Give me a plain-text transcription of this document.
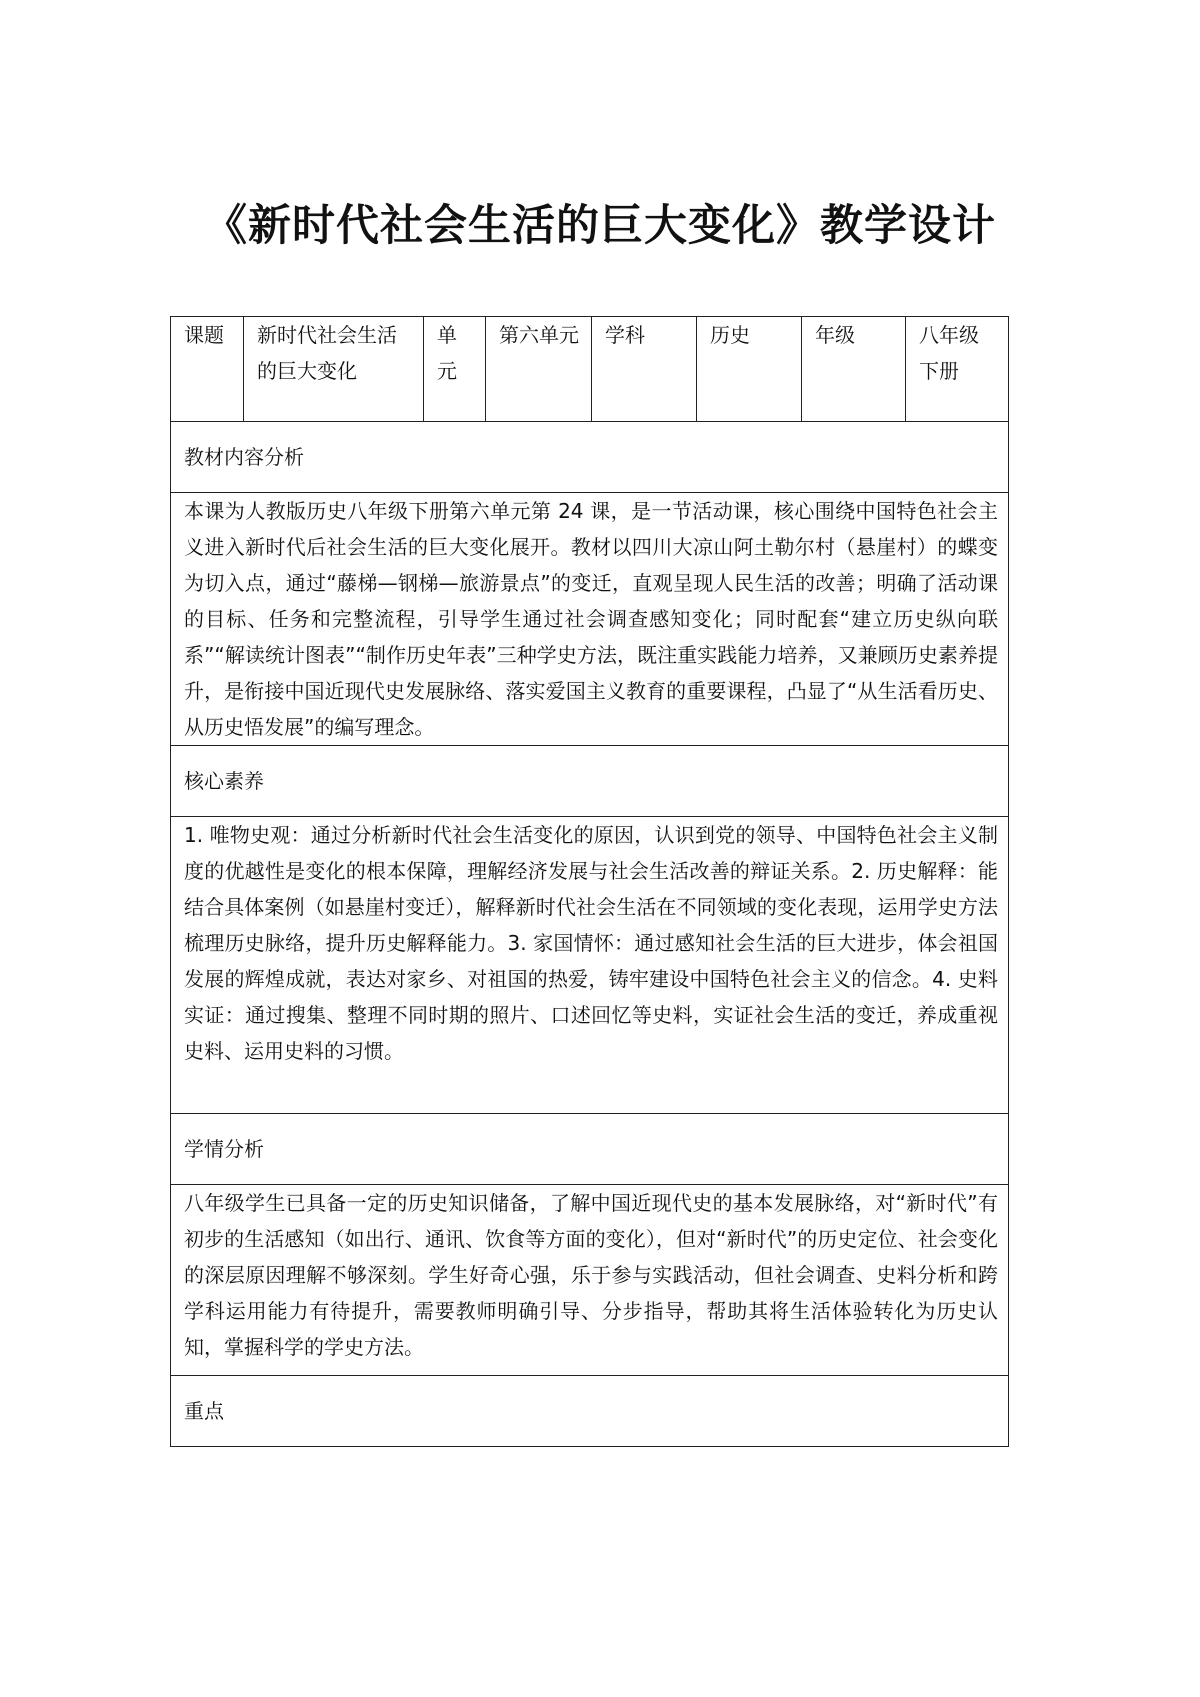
《新时代社会生活的巨大变化》教学设计
课题	新时代社会生活的巨大变化	单元	第六单元	学科	历史	年级	八年级下册
教材内容分析
本课为人教版历史八年级下册第六单元第 24 课，是一节活动课，核心围绕中国特色社会主义进入新时代后社会生活的巨大变化展开。教材以四川大凉山阿土勒尔村（悬崖村）的蝶变为切入点，通过“藤梯—钢梯—旅游景点”的变迁，直观呈现人民生活的改善；明确了活动课的目标、任务和完整流程，引导学生通过社会调查感知变化；同时配套“建立历史纵向联系”“解读统计图表”“制作历史年表”三种学史方法，既注重实践能力培养，又兼顾历史素养提升，是衔接中国近现代史发展脉络、落实爱国主义教育的重要课程，凸显了“从生活看历史、从历史悟发展”的编写理念。
核心素养
1. 唯物史观：通过分析新时代社会生活变化的原因，认识到党的领导、中国特色社会主义制度的优越性是变化的根本保障，理解经济发展与社会生活改善的辩证关系。2. 历史解释：能结合具体案例（如悬崖村变迁），解释新时代社会生活在不同领域的变化表现，运用学史方法梳理历史脉络，提升历史解释能力。3. 家国情怀：通过感知社会生活的巨大进步，体会祖国发展的辉煌成就，表达对家乡、对祖国的热爱，铸牢建设中国特色社会主义的信念。4. 史料实证：通过搜集、整理不同时期的照片、口述回忆等史料，实证社会生活的变迁，养成重视史料、运用史料的习惯。
学情分析
八年级学生已具备一定的历史知识储备，了解中国近现代史的基本发展脉络，对“新时代”有初步的生活感知（如出行、通讯、饮食等方面的变化），但对“新时代”的历史定位、社会变化的深层原因理解不够深刻。学生好奇心强，乐于参与实践活动，但社会调查、史料分析和跨学科运用能力有待提升，需要教师明确引导、分步指导，帮助其将生活体验转化为历史认知，掌握科学的学史方法。
重点
